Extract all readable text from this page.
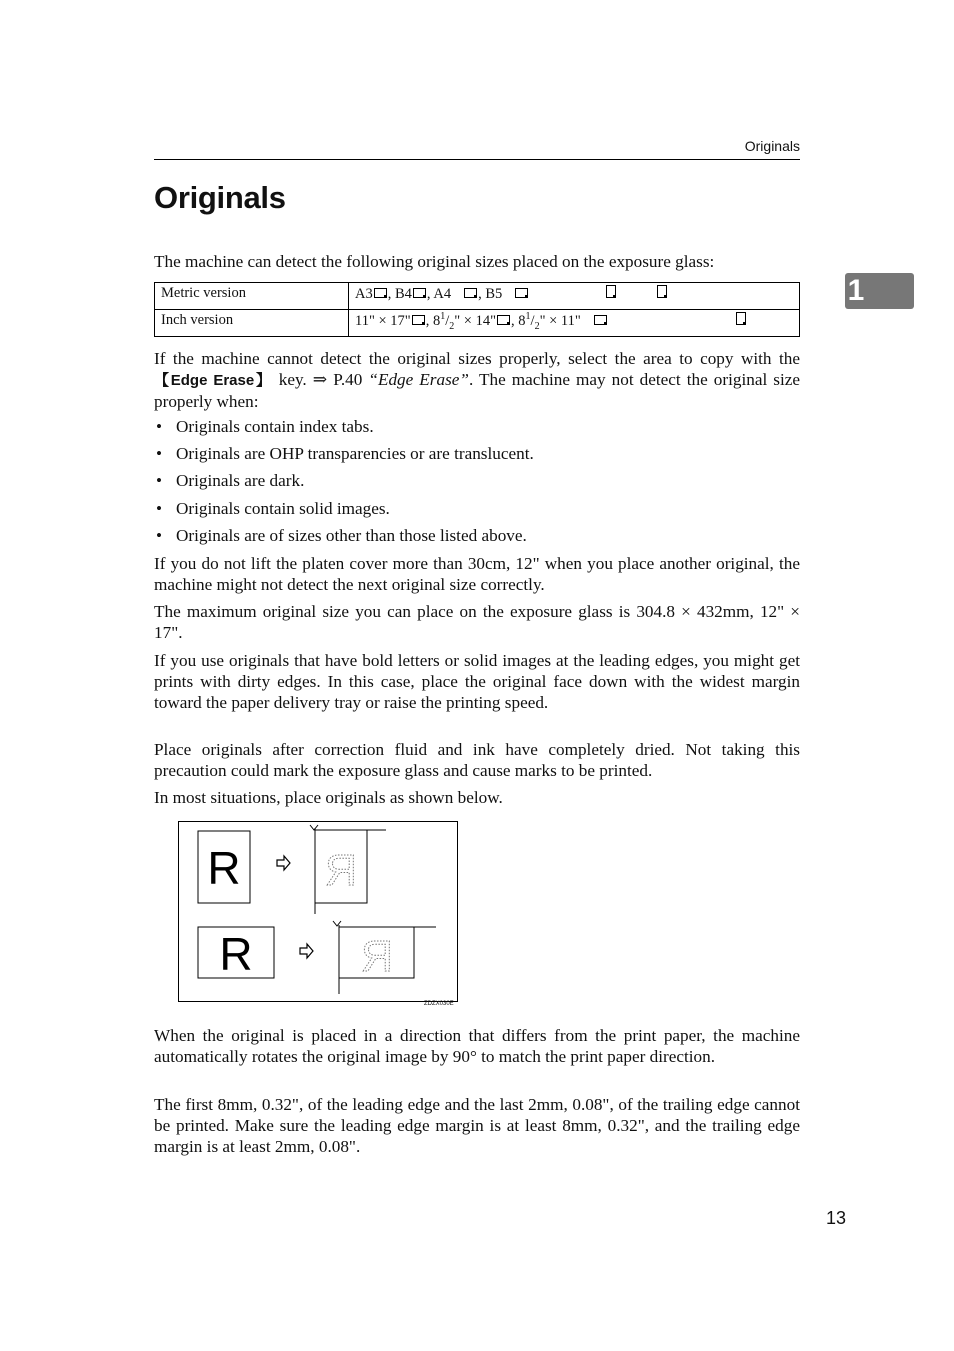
Originals
1
Originals

The machine can detect the following original sizes placed on the exposure glass:

Metric version	A3 , B4 , A4 , B5
Inch version	11" × 17" , $8^1/_2$" × 14" , $8^1/_2$" × 11"

If the machine cannot detect the original sizes properly, select the area to copy with the 【Edge Erase】 key. ⇒ P.40 “Edge Erase”. The machine may not detect the original size properly when:

• Originals contain index tabs.
• Originals are OHP transparencies or are translucent.
• Originals are dark.
• Originals contain solid images.
• Originals are of sizes other than those listed above.

If you do not lift the platen cover more than 30cm, 12" when you place another original, the machine might not detect the next original size correctly.

The maximum original size you can place on the exposure glass is 304.8 × 432mm, 12" × 17".

If you use originals that have bold letters or solid images at the leading edges, you might get prints with dirty edges. In this case, place the original face down with the widest margin toward the paper delivery tray or raise the printing speed.

Place originals after correction fluid and ink have completely dried. Not taking this precaution could mark the exposure glass and cause marks to be printed.

In most situations, place originals as shown below.

R Я
R Я
ZDZX030E

When the original is placed in a direction that differs from the print paper, the machine automatically rotates the original image by 90° to match the print paper direction.

The first 8mm, 0.32", of the leading edge and the last 2mm, 0.08", of the trailing edge cannot be printed. Make sure the leading edge margin is at least 8mm, 0.32", and the trailing edge margin is at least 2mm, 0.08".

13
